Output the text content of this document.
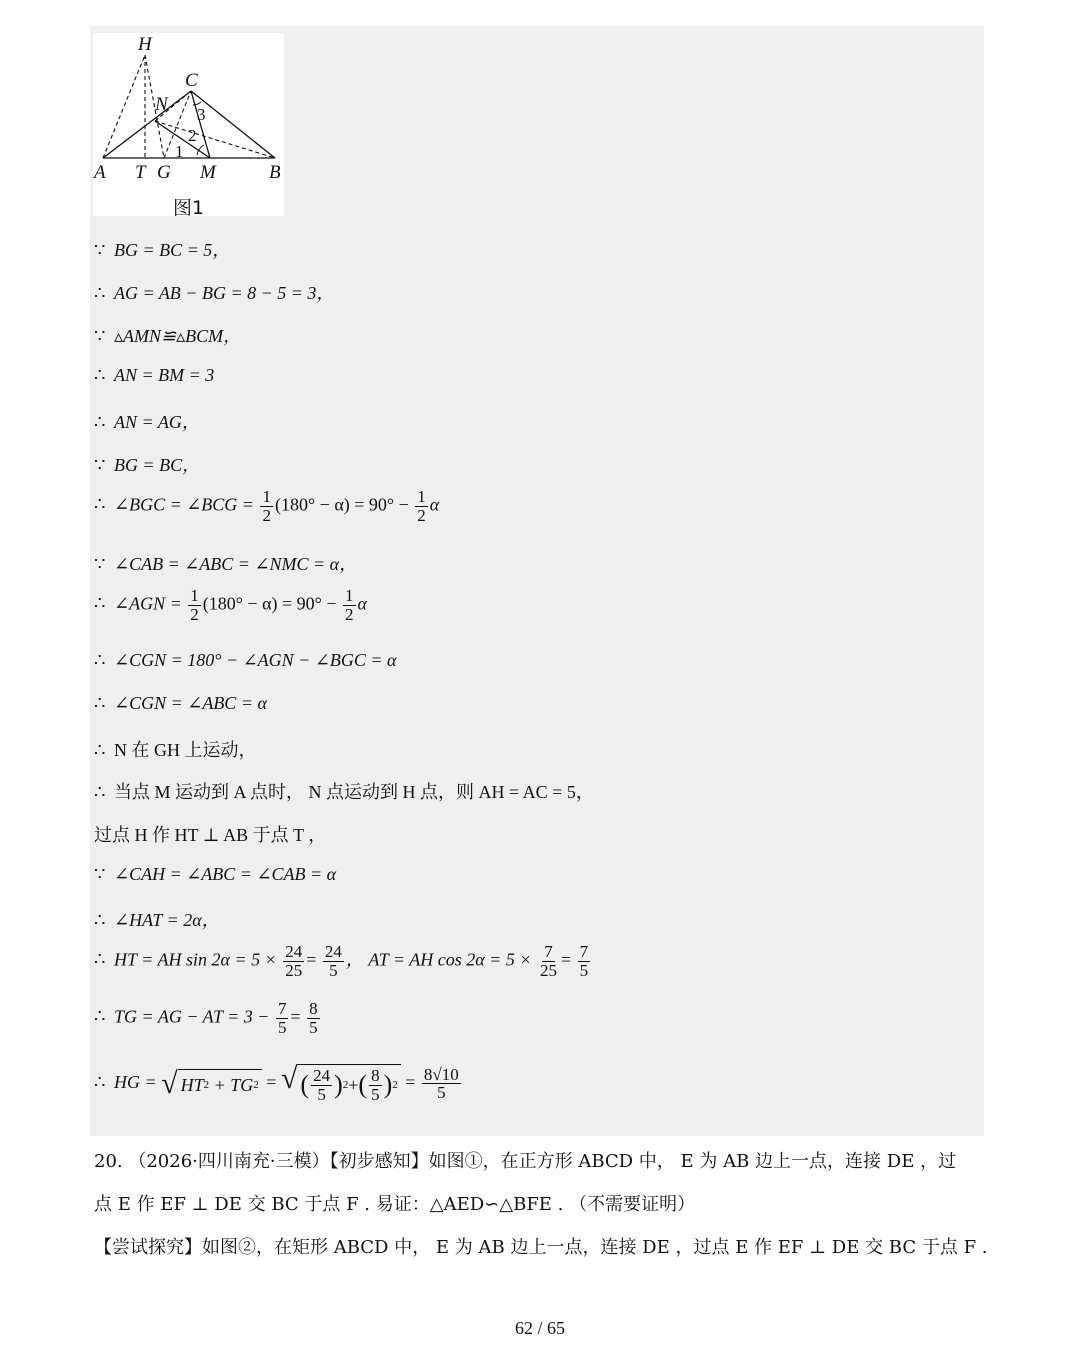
H
C
N
A T G M	B
1
2
3
图1
∵ BG = BC = 5，
∴ AG = AB − BG = 8 − 5 = 3，
∵ ▵AMN≌▵BCM，
∴ AN = BM = 3
∴ AN = AG，
∵ BG = BC，
∴ ∠BGC = ∠BCG = $\frac{1}{2} (180^\circ - \alpha) = 90^\circ - \frac{1}{2}$ α
∵ ∠CAB = ∠ABC = ∠NMC = α，
∴ ∠AGN = $\frac{1}{2} (180^\circ - \alpha) = 90^\circ - \frac{1}{2}$ α
∴ ∠CGN = 180° − ∠AGN − ∠BGC = α
∴ ∠CGN = ∠ABC = α
∴ N 在 GH 上运动，
∴ 当点 M 运动到 A 点时， N 点运动到 H 点，则 AH = AC = 5，
过点 H 作 HT ⊥ AB 于点 T ，
∵ ∠CAH = ∠ABC = ∠CAB = α
∴ ∠HAT = 2α，
∴ HT = AH $\sin 2\alpha = 5 \times \frac{24}{25} = \frac{24}{5}$ ， AT = AH $\cos 2\alpha = 5 \times \frac{7}{25} = \frac{7}{5}$
∴ TG = AG − AT = $3 - \frac{7}{5} = \frac{8}{5}$
∴ HG = √ HT 2
+ TG 2 = √ ( $\frac{24}{5}$ ) 2 + ( $\frac{8}{5}$ ) $2 = \frac{8√10}{5}$
20. （2026·四川南充·三模）【初步感知】如图①，在正方形 ABCD 中， E 为 AB 边上一点，连接 DE ，过
点 E 作 EF ⊥ DE 交 BC 于点 F . 易证：△AED∽△BFE . （不需要证明）
【尝试探究】如图②，在矩形 ABCD 中， E 为 AB 边上一点，连接 DE ，过点 E 作 EF ⊥ DE 交 BC 于点 F .
62 / 65
